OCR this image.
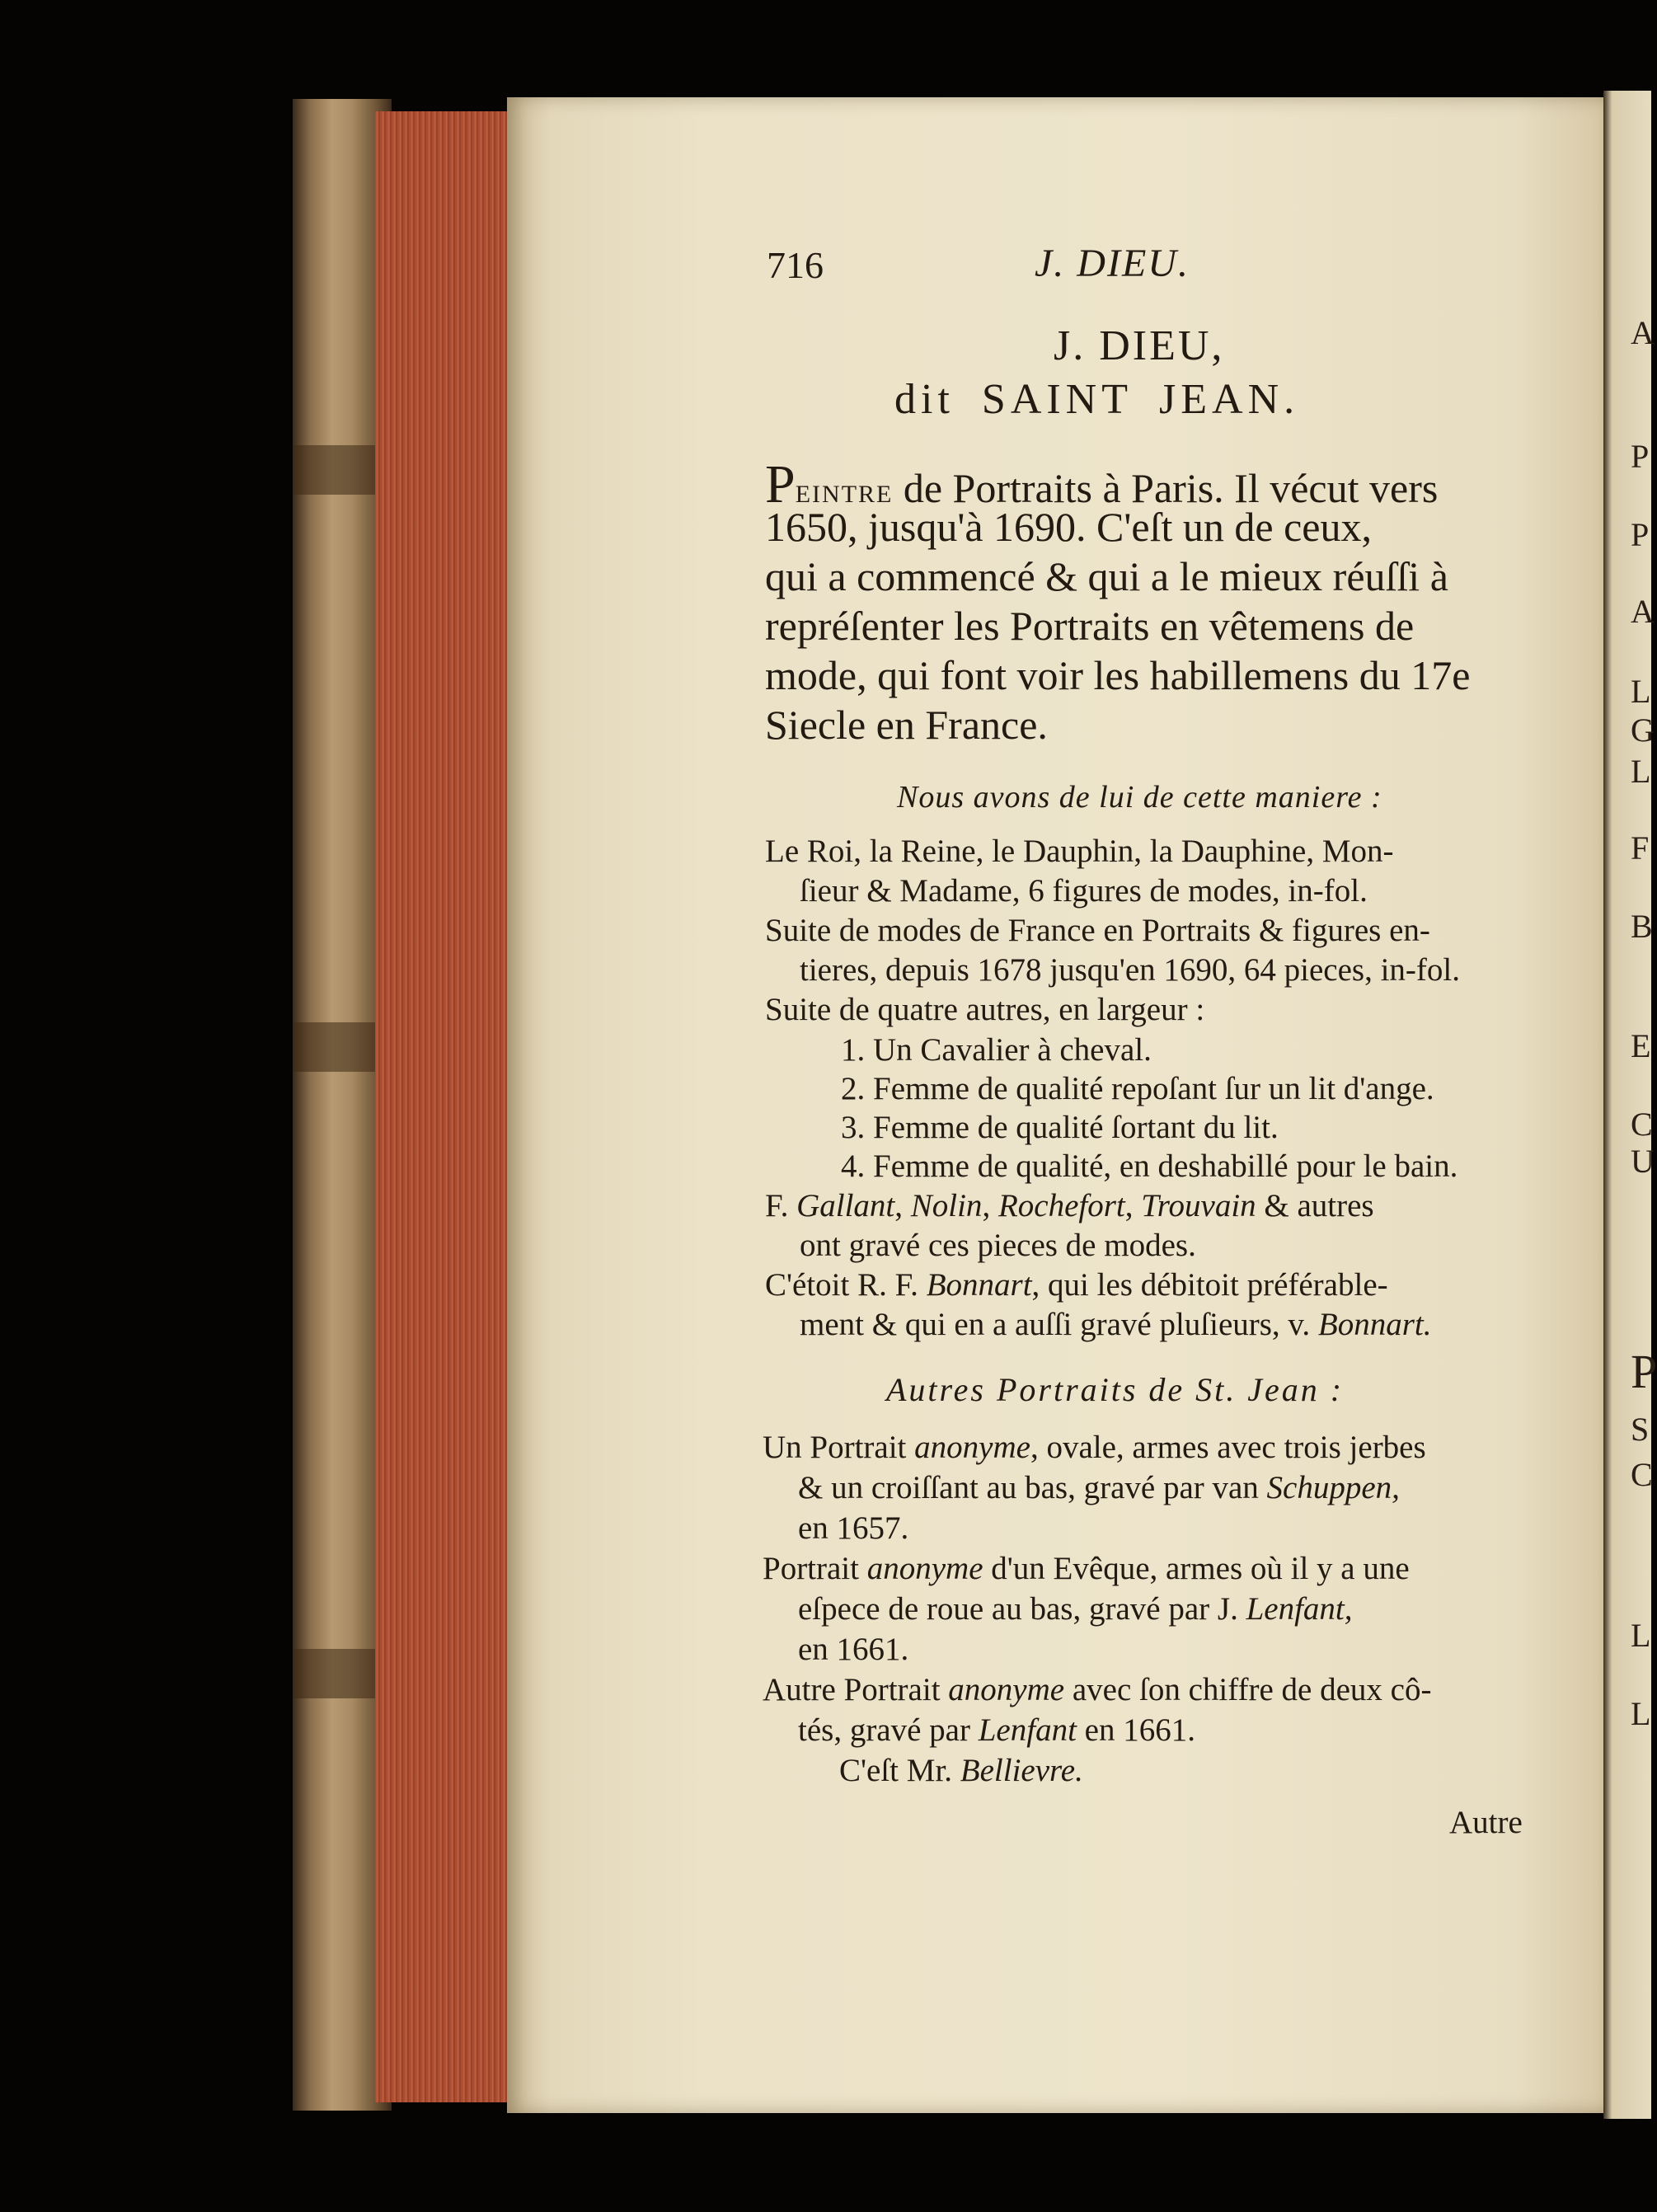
A
P
P
A
L
G
L
F
B
E
C
U
P
S
C
L
L
716	J. DIEU.
J. DIEU,
dit SAINT JEAN.
PEINTRE de Portraits à Paris. Il vécut vers
1650, jusqu'à 1690. C'eſt un de ceux,
qui a commencé & qui a le mieux réuſſi à
repréſenter les Portraits en vêtemens de
mode, qui font voir les habillemens du 17e
Siecle en France.
Nous avons de lui de cette maniere :
Le Roi, la Reine, le Dauphin, la Dauphine, Mon-
ſieur & Madame, 6 figures de modes, in-fol.
Suite de modes de France en Portraits & figures en-
tieres, depuis 1678 jusqu'en 1690, 64 pieces, in-fol.
Suite de quatre autres, en largeur :
1. Un Cavalier à cheval.
2. Femme de qualité repoſant ſur un lit d'ange.
3. Femme de qualité ſortant du lit.
4. Femme de qualité, en deshabillé pour le bain.
F. Gallant, Nolin, Rochefort, Trouvain & autres
ont gravé ces pieces de modes.
C'étoit R. F. Bonnart, qui les débitoit préférable-
ment & qui en a auſſi gravé pluſieurs, v. Bonnart.
Autres Portraits de St. Jean :
Un Portrait anonyme, ovale, armes avec trois jerbes
& un croiſſant au bas, gravé par van Schuppen,
en 1657.
Portrait anonyme d'un Evêque, armes où il y a une
eſpece de roue au bas, gravé par J. Lenfant,
en 1661.
Autre Portrait anonyme avec ſon chiffre de deux cô-
tés, gravé par Lenfant en 1661.
C'eſt Mr. Bellievre.
Autre
